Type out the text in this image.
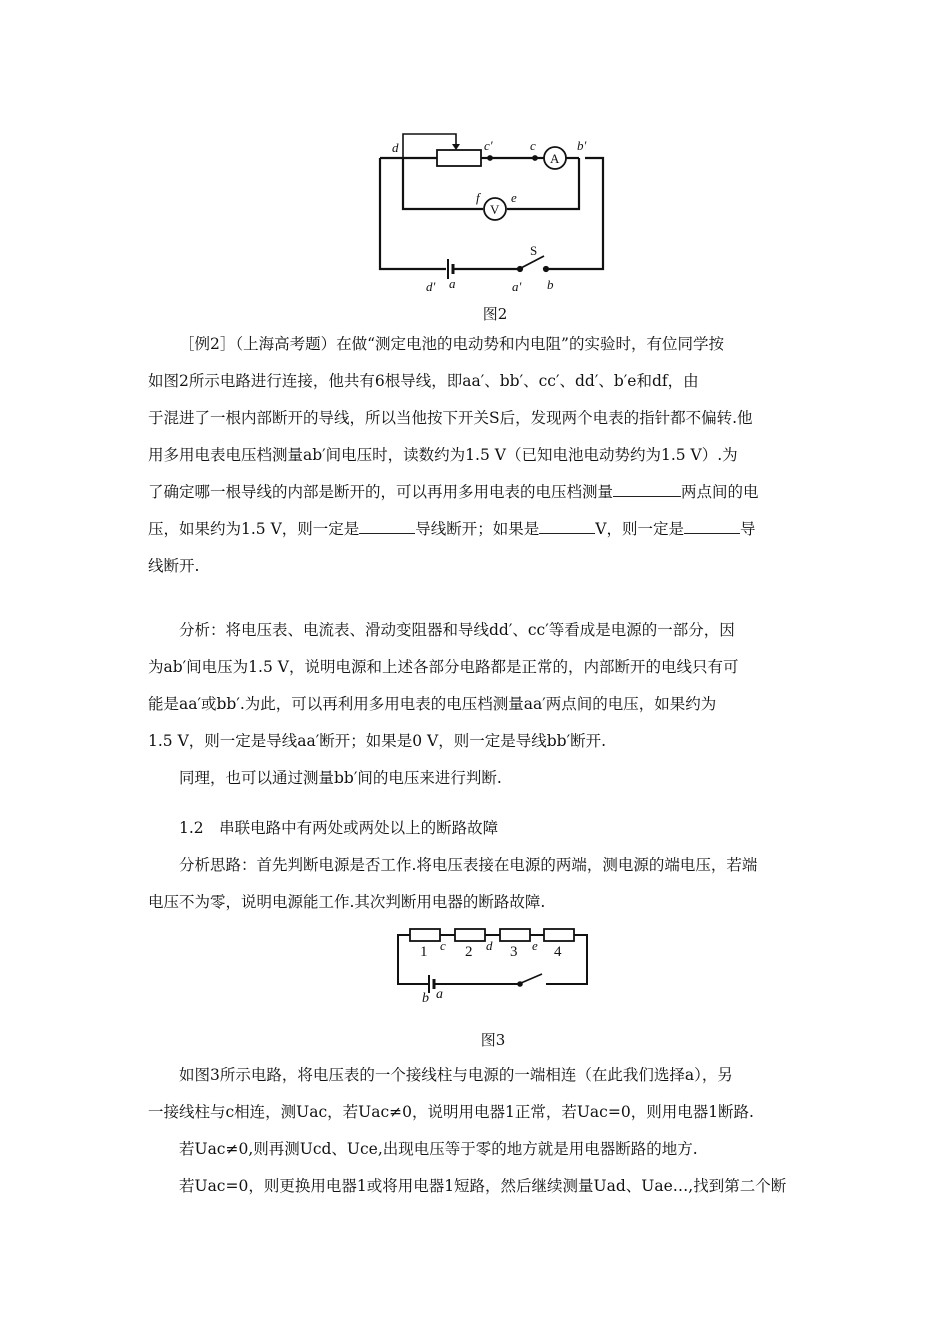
d	c′	c	b′
f e
d′ a	a′ b
A
V
S
图2
［例2］（上海高考题）在做“测定电池的电动势和内电阻”的实验时，有位同学按
如图2所示电路进行连接，他共有6根导线，即aa′、bb′、cc′、dd′、b′e和df，由
于混进了一根内部断开的导线，所以当他按下开关S后，发现两个电表的指针都不偏转.他
用多用电表电压档测量ab′间电压时，读数约为1.5 V（已知电池电动势约为1.5 V）.为
了确定哪一根导线的内部是断开的，可以再用多用电表的电压档测量	两点间的电
压，如果约为1.5 V，则一定是	导线断开；如果是	V，则一定是	导
线断开.
分析：将电压表、电流表、滑动变阻器和导线dd′、cc′等看成是电源的一部分，因
为ab′间电压为1.5 V，说明电源和上述各部分电路都是正常的，内部断开的电线只有可
能是aa′或bb′.为此，可以再利用多用电表的电压档测量aa′两点间的电压，如果约为
1.5 V，则一定是导线aa′断开；如果是0 V，则一定是导线bb′断开.
同理，也可以通过测量bb′间的电压来进行判断.
1.2　串联电路中有两处或两处以上的断路故障
分析思路：首先判断电源是否工作.将电压表接在电源的两端，测电源的端电压，若端
电压不为零，说明电源能工作.其次判断用电器的断路故障.
1 c 2 d 3 e 4
b a
图3
如图3所示电路，将电压表的一个接线柱与电源的一端相连（在此我们选择a），另
一接线柱与c相连，测Uac，若Uac≠0，说明用电器1正常，若Uac=0，则用电器1断路.
若Uac≠0,则再测Ucd、Uce,出现电压等于零的地方就是用电器断路的地方.
若Uac=0，则更换用电器1或将用电器1短路，然后继续测量Uad、Uae…,找到第二个断
